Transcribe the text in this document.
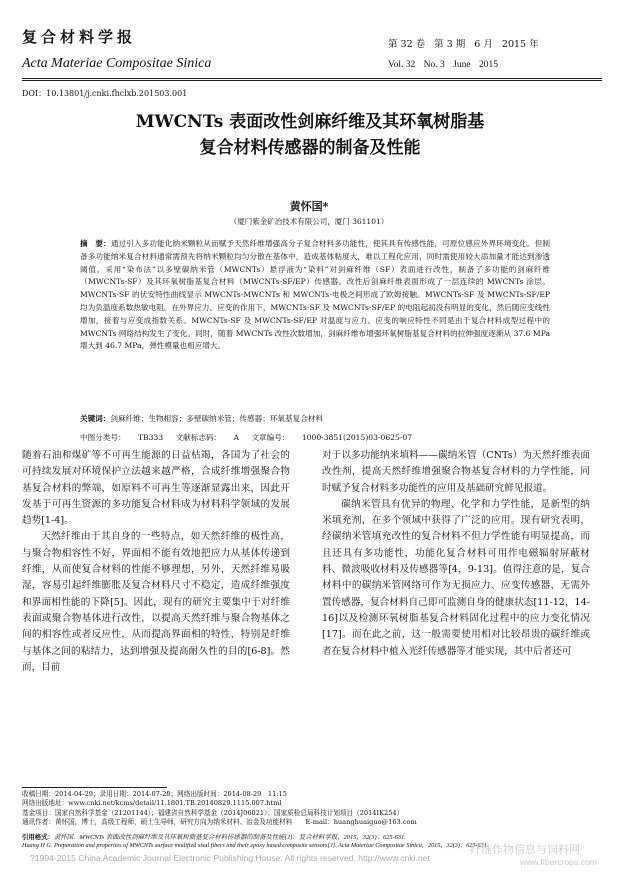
复合材料学报
Acta Materiae Compositae Sinica
第 32 卷 第 3 期 6 月 2015 年
Vol. 32 No. 3 June 2015
DOI：10.13801/j.cnki.fhclxb.201503.001
MWCNTs 表面改性剑麻纤维及其环氧树脂基
复合材料传感器的制备及性能
黄怀国*
（厦门紫金矿冶技术有限公司，厦门 361101）
摘　要：通过引入多功能化纳米颗粒从而赋予天然纤维增强高分子复合材料多功能性，使其具有传感性能，可原位感应外界环境变化。但制备多功能纳米复合材料通常需预先将纳米颗粒均匀分散在基体中，造成基体粘度大，难以工程化应用，同时需使用较大添加量才能达到渗透阈值。采用“染布法”以多壁碳纳米管（MWCNTs）悬浮液为“染料”对剑麻纤维（SF）表面进行改性，制备了多功能的剑麻纤维（MWCNTs-SF）及其环氧树脂基复合材料（MWCNTs-SF/EP）传感器。改性后剑麻纤维表面形成了一层连续的 MWCNTs 涂层。MWCNTs-SF 的伏安特性曲线显示 MWCNTs-MWCNTs 和 MWCNTs-电极之间形成了欧姆接触。MWCNTs-SF 及 MWCNTs-SF/EP 均为负温度系数热敏电阻。在外界应力、应变的作用下，MWCNTs-SF 及 MWCNTs-SF/EP 的电阻起初没有明显的变化，然后随应变线性增加，接着与应变成指数关系。MWCNTs-SF 及 MWCNTs-SF/EP 对温度与应力、应变的响应特性不同是由于复合材料成型过程中的 MWCNTs 网络结构发生了变化。同时，随着 MWCNTs 改性次数增加，剑麻纤维布增强环氧树脂基复合材料的拉伸强度逐渐从 37.6 MPa 增大到 46.7 MPa，弹性模量也相应增大。
关键词：剑麻纤维；生物相容；多壁碳纳米管；传感器；环氧基复合材料
中图分类号： TB333 文献标志码： A 文章编号： 1000-3851(2015)03-0625-07

随着石油和煤矿等不可再生能源的日益枯竭，各国为了社会的可持续发展对环境保护立法越来越严格，合成纤维增强聚合物基复合材料的弊端，如原料不可再生等逐渐显露出来，因此开发基于可再生资源的多功能复合材料成为材料科学领域的发展趋势[1-4]。

天然纤维由于其自身的一些特点，如天然纤维的极性高，与聚合物相容性不好，界面相不能有效地把应力从基体传递到纤维，从而使复合材料的性能不够理想，另外，天然纤维易吸湿，容易引起纤维膨胀及复合材料尺寸不稳定，造成纤维强度和界面相性能的下降[5]。因此，现有的研究主要集中于对纤维表面或聚合物基体进行改性，以提高天然纤维与聚合物基体之间的相容性或者反应性，从而提高界面相的特性，特别是纤维与基体之间的粘结力，达到增强及提高耐久性的目的[6-8]。然而，目前

对于以多功能纳米填料——碳纳米管（CNTs）为天然纤维表面改性剂，提高天然纤维增强聚合物基复合材料的力学性能，同时赋予复合材料多功能性的应用及基础研究鲜见报道。

碳纳米管具有优异的物理、化学和力学性能，是新型的纳米填充剂，在多个领域中获得了广泛的应用。现有研究表明，经碳纳米管填充改性的复合材料不但力学性能有明显提高，而且还具有多功能性，功能化复合材料可用作电磁辐射屏蔽材料、微波吸收材料及传感器等[4，9-13]。值得注意的是，复合材料中的碳纳米管网络可作为无损应力、应变传感器，无需外置传感器，复合材料自己即可监测自身的健康状态[11-12，14-16]以及检测环氧树脂基复合材料固化过程中的应力变化情况[17]。而在此之前，这一般需要使用相对比较昂贵的碳纤维或者在复合材料中植入光纤传感器等才能实现，其中后者还可

收稿日期：2014-04-29；录用日期：2014-07-28；网络出版时间：2014-08-29　11:15
网络出版地址：www.cnki.net/kcms/detail/11.1801.TB.20140829.1115.007.html
基金项目：国家自然科学基金（21201144）；福建省自然科学基金（2014J06021）；国家质检总局科技计划项目（2014IK254）
通讯作者：黄怀国，博士，高级工程师，硕士生导师，研究方向为纳米材料、冶金及功能材料　　E-mail：huanghuaiguo@163.com
引用格式：黄怀国．MWCNTs 表面改性剑麻纤维及其环氧树脂基复合材料传感器的制备及性能[J]．复合材料学报，2015，32(3)：625-631.
Huang H G. Preparation and properties of MWCNTs surface modified sisal fibers and their epoxy based composite sensors[J]. Acta Materiae Compositae Sinica，2015，32(3)：625-631.
?1994-2015 China Academic Journal Electronic Publishing House. All rights reserved. http://www.cnki.net
纤维作物信息与饲料网
www.fibercrops.com
